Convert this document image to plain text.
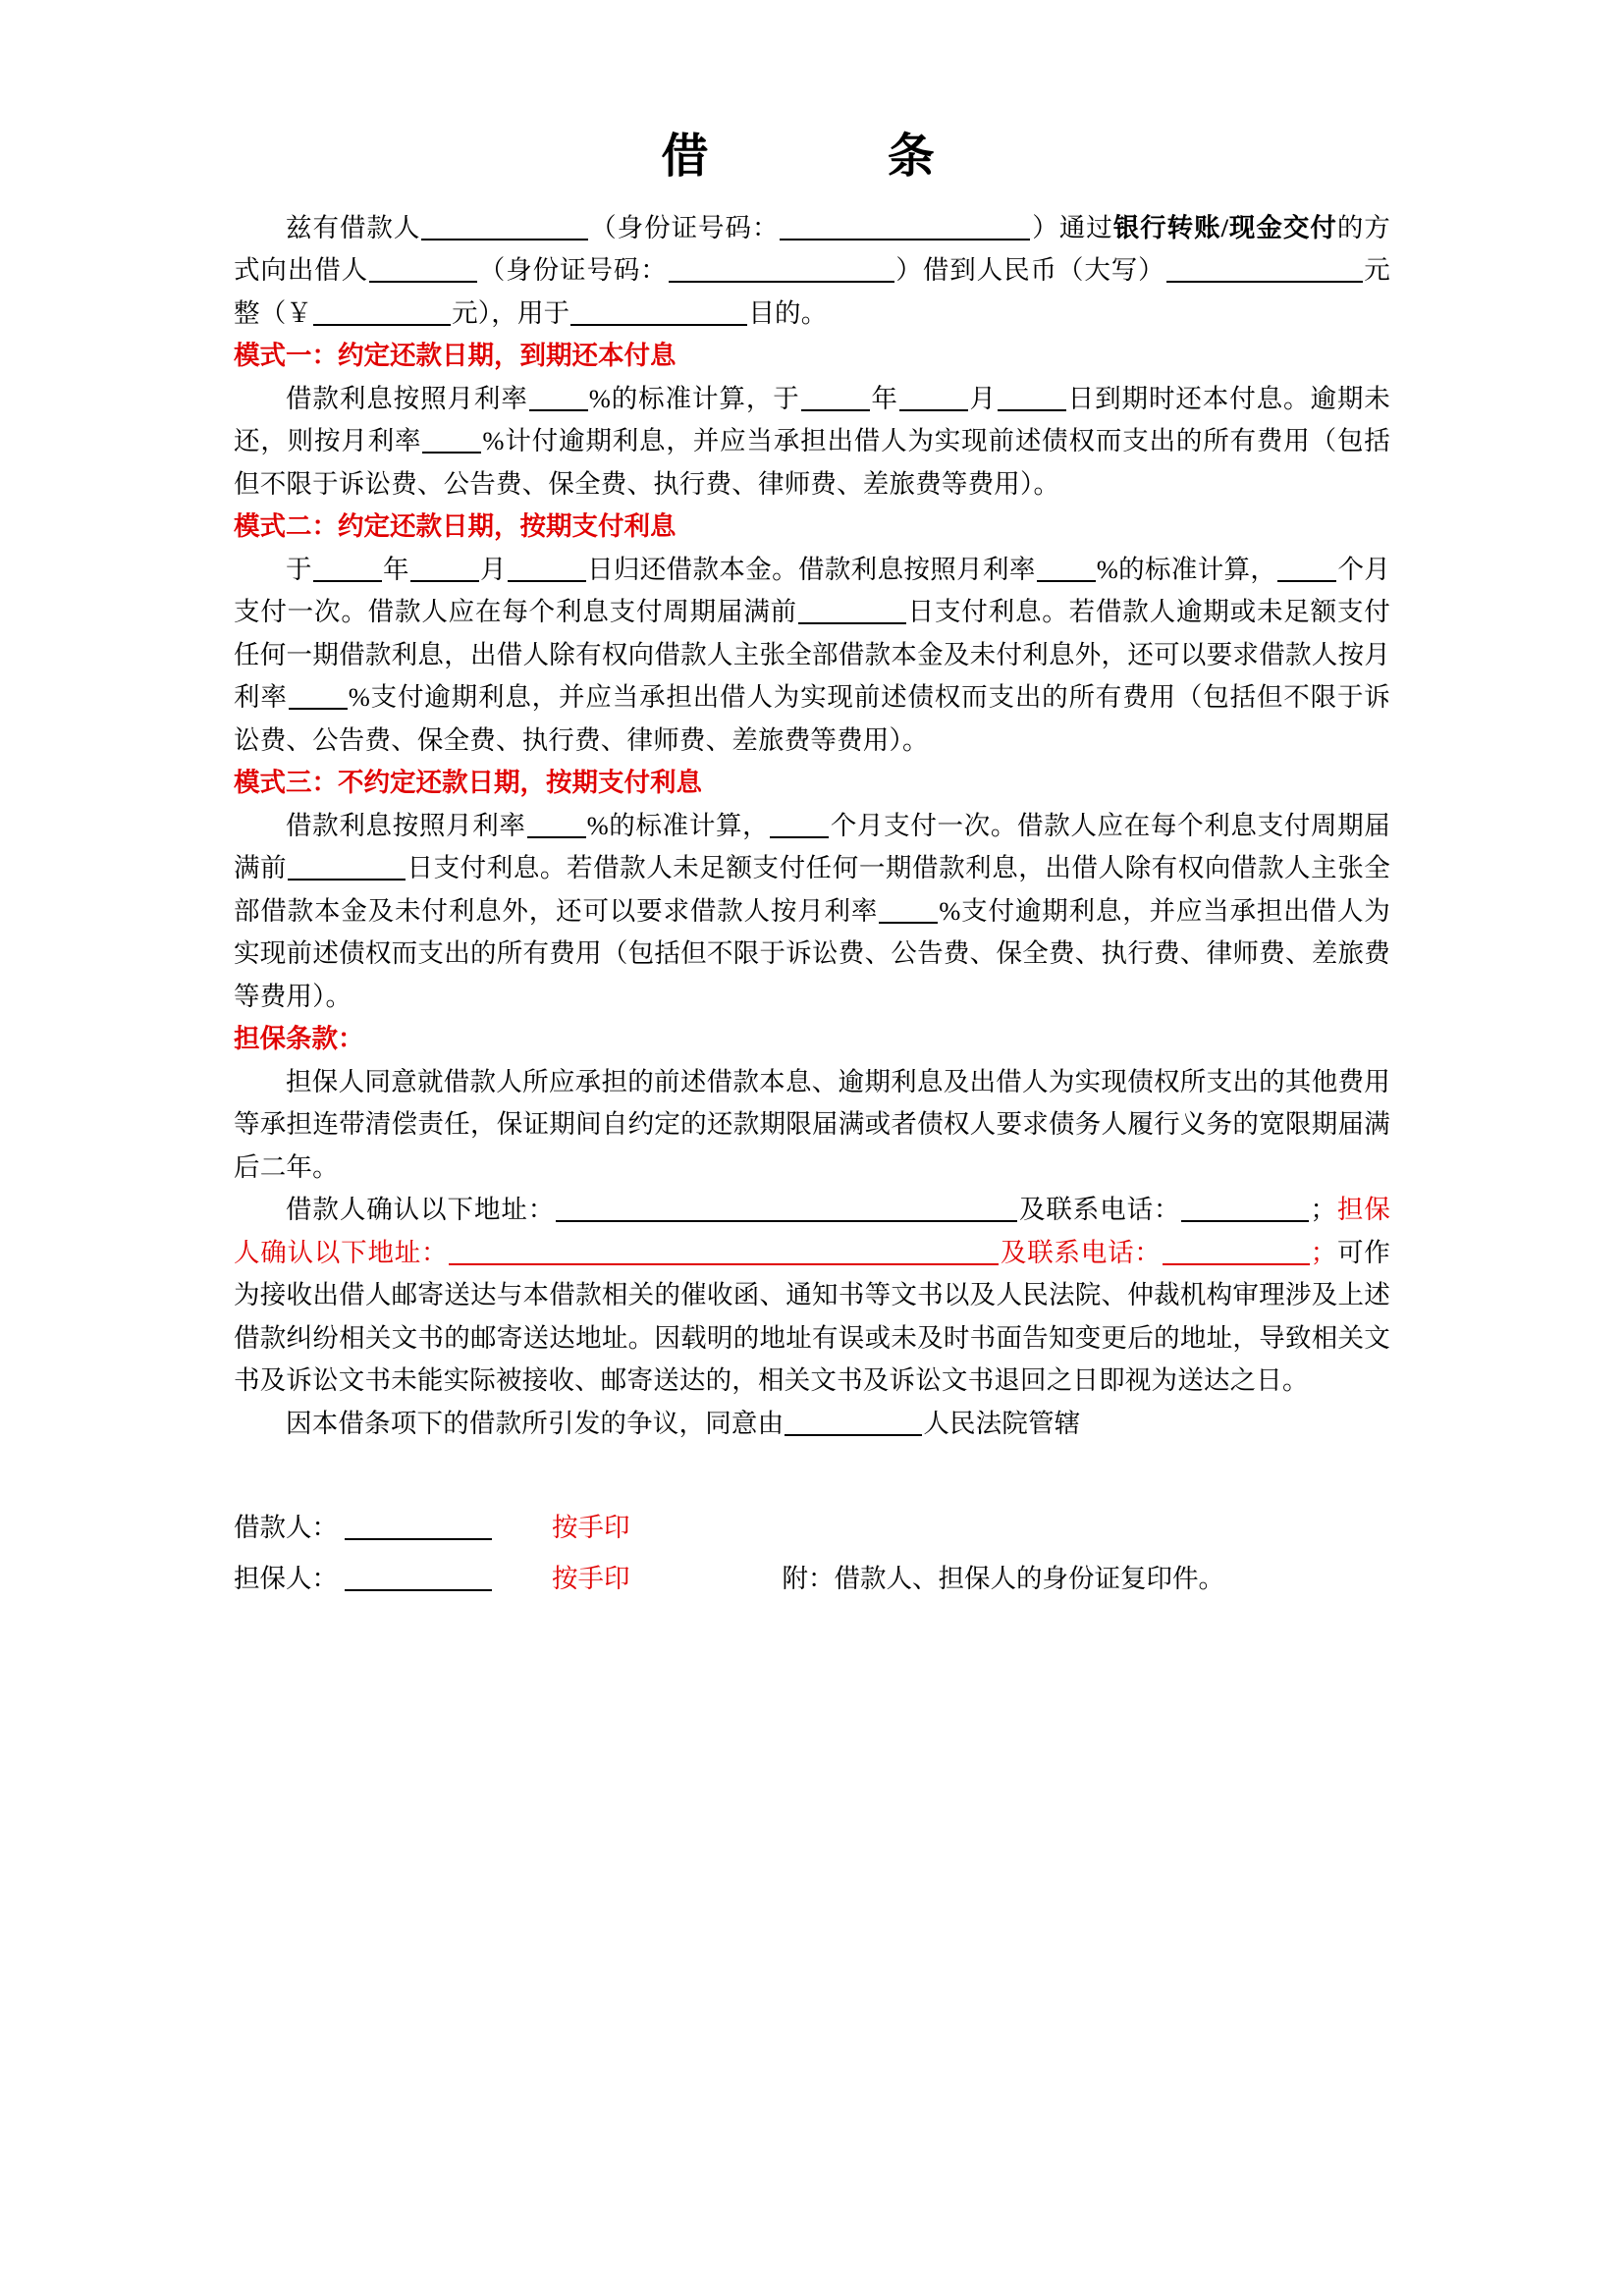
借　　条

兹有借款人	（身份证号码：	）通过银行转账/现金交付的方式向出借人	（身份证号码：	）借到人民币（大写）	元整（￥	元），用于	目的。

模式一：约定还款日期，到期还本付息

借款利息按照月利率 %的标准计算，于	年	月	日到期时还本付息。逾期未还，则按月利率 %计付逾期利息，并应当承担出借人为实现前述债权而支出的所有费用（包括但不限于诉讼费、公告费、保全费、执行费、律师费、差旅费等费用）。

模式二：约定还款日期，按期支付利息

于	年	月	日归还借款本金。借款利息按照月利率 %的标准计算， 个月支付一次。借款人应在每个利息支付周期届满前	日支付利息。若借款人逾期或未足额支付任何一期借款利息，出借人除有权向借款人主张全部借款本金及未付利息外，还可以要求借款人按月利率 %支付逾期利息，并应当承担出借人为实现前述债权而支出的所有费用（包括但不限于诉讼费、公告费、保全费、执行费、律师费、差旅费等费用）。

模式三：不约定还款日期，按期支付利息

借款利息按照月利率 %的标准计算， 个月支付一次。借款人应在每个利息支付周期届满前	日支付利息。若借款人未足额支付任何一期借款利息，出借人除有权向借款人主张全部借款本金及未付利息外，还可以要求借款人按月利率 %支付逾期利息，并应当承担出借人为实现前述债权而支出的所有费用（包括但不限于诉讼费、公告费、保全费、执行费、律师费、差旅费等费用）。

担保条款：

担保人同意就借款人所应承担的前述借款本息、逾期利息及出借人为实现债权所支出的其他费用等承担连带清偿责任，保证期间自约定的还款期限届满或者债权人要求债务人履行义务的宽限期届满后二年。

借款人确认以下地址：	及联系电话：	；担保人确认以下地址：	及联系电话：	；可作为接收出借人邮寄送达与本借款相关的催收函、通知书等文书以及人民法院、仲裁机构审理涉及上述借款纠纷相关文书的邮寄送达地址。因载明的地址有误或未及时书面告知变更后的地址，导致相关文书及诉讼文书未能实际被接收、邮寄送达的，相关文书及诉讼文书退回之日即视为送达之日。

因本借条项下的借款所引发的争议，同意由	人民法院管辖

借款人：	按手印
担保人：	按手印	附：借款人、担保人的身份证复印件。
